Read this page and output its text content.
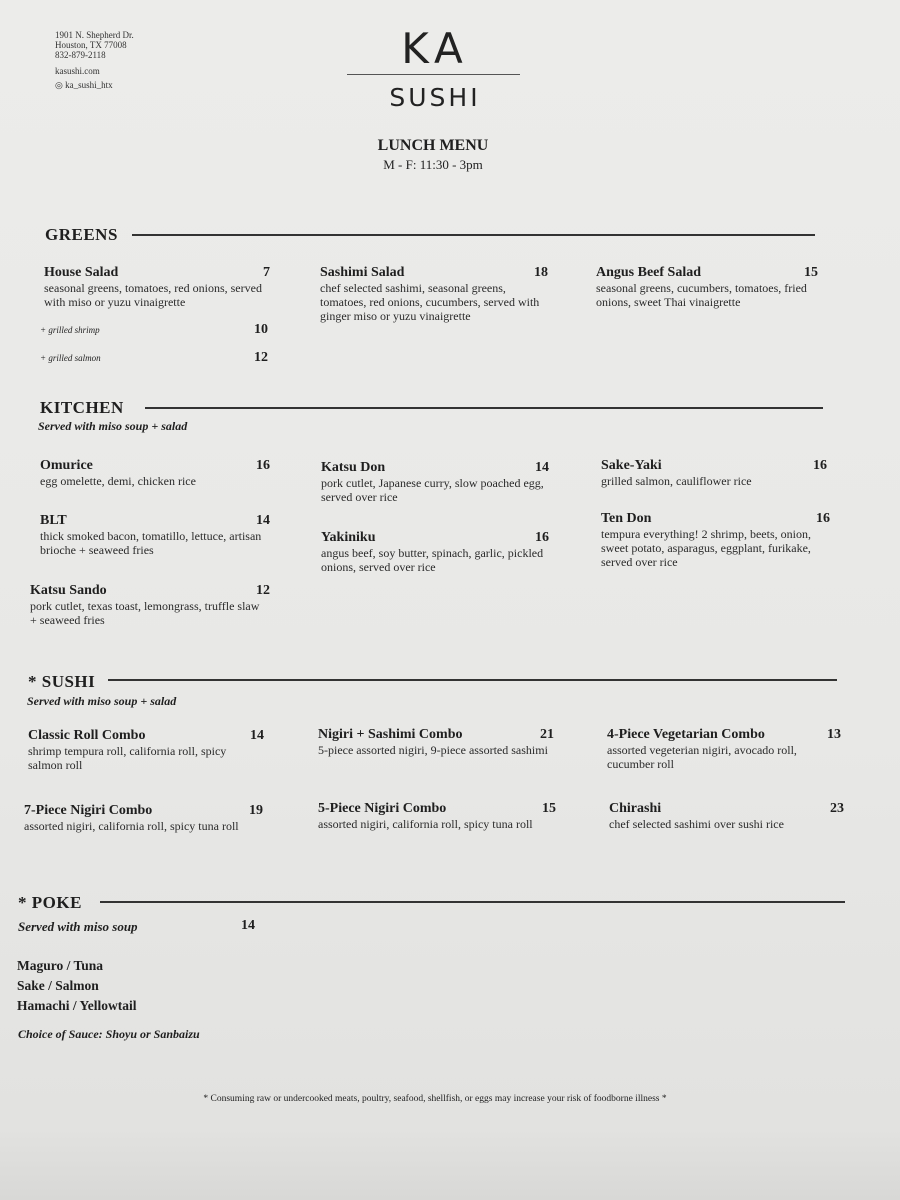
1901 N. Shepherd Dr.
Houston, TX 77008
832-879-2118
kasushi.com
◎ ka_sushi_htx
KA
SUSHI
LUNCH MENU
M - F: 11:30 - 3pm
GREENS
KITCHEN
Served with miso soup + salad
* SUSHI
Served with miso soup + salad
* POKE
+ grilled shrimp	10
+ grilled salmon	12
Served with miso soup	14
Maguro / Tuna
Sake / Salmon
Hamachi / Yellowtail
Choice of Sauce: Shoyu or Sanbaizu
* Consuming raw or undercooked meats, poultry, seafood, shellfish, or eggs may increase your risk of foodborne illness *
House Salad	7
seasonal greens, tomatoes, red onions, served with miso or yuzu vinaigrette
Sashimi Salad	18
chef selected sashimi, seasonal greens, tomatoes, red onions, cucumbers, served with ginger miso or yuzu vinaigrette
Angus Beef Salad	15
seasonal greens, cucumbers, tomatoes, fried onions, sweet Thai vinaigrette
Omurice	16
egg omelette, demi, chicken rice
BLT	14
thick smoked bacon, tomatillo, lettuce, artisan brioche + seaweed fries
Katsu Sando	12
pork cutlet, texas toast, lemongrass, truffle slaw + seaweed fries
Katsu Don	14
pork cutlet, Japanese curry, slow poached egg, served over rice
Yakiniku	16
angus beef, soy butter, spinach, garlic, pickled onions, served over rice
Sake-Yaki	16
grilled salmon, cauliflower rice
Ten Don	16
tempura everything! 2 shrimp, beets, onion, sweet potato, asparagus, eggplant, furikake, served over rice
Classic Roll Combo	14
shrimp tempura roll, california roll, spicy salmon roll
7-Piece Nigiri Combo	19
assorted nigiri, california roll, spicy tuna roll
Nigiri + Sashimi Combo	21
5-piece assorted nigiri, 9-piece assorted sashimi
5-Piece Nigiri Combo	15
assorted nigiri, california roll, spicy tuna roll
4-Piece Vegetarian Combo	13
assorted vegeterian nigiri, avocado roll, cucumber roll
Chirashi	23
chef selected sashimi over sushi rice
